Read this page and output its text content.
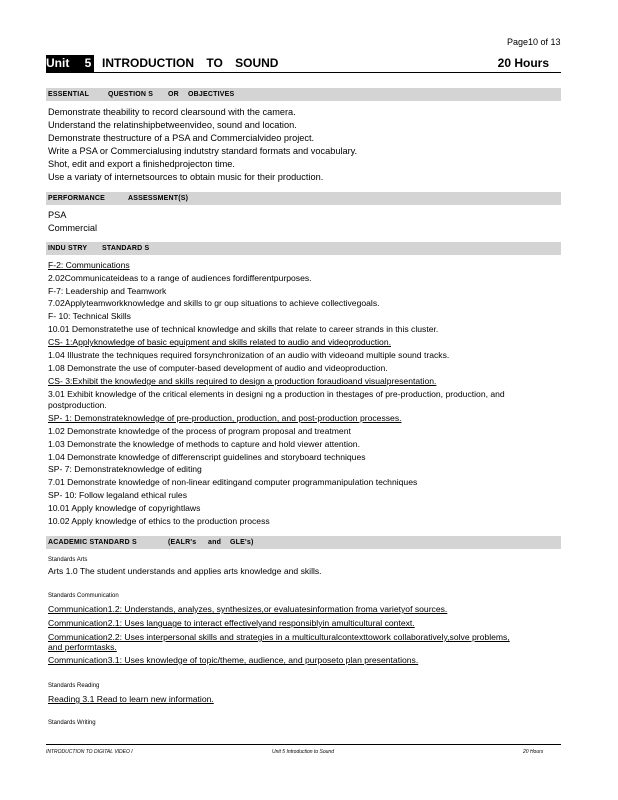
Page10 of 13
Unit 5 INTRODUCTION TO SOUND	20 Hours
ESSENTIAL	QUESTION S OR OBJECTIVES
Demonstrate theability to record clearsound with the camera.
Understand the relatinshipbetweenvideo, sound and location.
Demonstrate thestructure of a PSA and Commercialvideo project.
Write a PSA or Commercialusing indutstry standard formats and vocabulary.
Shot, edit and export a finishedprojecton time.
Use a variaty of internetsources to obtain music for their production.
PERFORMANCE	ASSESSMENT(S)
PSA
Commercial
INDU STRY STANDARD S
F-2: Communications
2.02Communicateideas to a range of audiences fordifferentpurposes.
F-7: Leadership and Teamwork
7.02Applyteamworkknowledge and skills to gr oup situations to achieve collectivegoals.
F- 10: Technical Skills
10.01 Demonstratethe use of technical knowledge and skills that relate to career strands in this cluster.
CS- 1:Applyknowledge of basic equipment and skills related to audio and videoproduction.
1.04 Illustrate the techniques required forsynchronization of an audio with videoand multiple sound tracks.
1.08 Demonstrate the use of computer-based development of audio and videoproduction.
CS- 3:Exhibit the knowledge and skills required to design a production foraudioand visualpresentation.
3.01 Exhibit knowledge of the critical elements in designi ng a production in thestages of pre-production, production, and
postproduction.
SP- 1: Demonstrateknowledge of pre-production, production, and post-production processes.
1.02 Demonstrate knowledge of the process of program proposal and treatment
1.03 Demonstrate the knowledge of methods to capture and hold viewer attention.
1.04 Demonstrate knowledge of differenscript guidelines and storyboard techniques
SP- 7: Demonstrateknowledge of editing
7.01 Demonstrate knowledge of non-linear editingand computer programmanipulation techniques
SP- 10: Follow legaland ethical rules
10.01 Apply knowledge of copyrightlaws
10.02 Apply knowledge of ethics to the production process
ACADEMIC STANDARD S	(EALR's and GLE's)
Standards Arts
Arts 1.0 The student understands and applies arts knowledge and skills.
Standards Communication
Communication1.2: Understands, analyzes, synthesizes,or evaluatesinformation froma varietyof sources.
Communication2.1: Uses language to interact effectivelyand responsiblyin amulticultural context.
Communication2.2: Uses interpersonal skills and strategies in a multiculturalcontexttowork collaboratively,solve problems,
and performtasks.
Communication3.1: Uses knowledge of topic/theme, audience, and purposeto plan presentations.
Standards Reading
Reading 3.1 Read to learn new information.
Standards Writing
INTRODUCTION TO DIGITAL VIDEO I	Unit 5 Introduction to Sound	20 Hours
